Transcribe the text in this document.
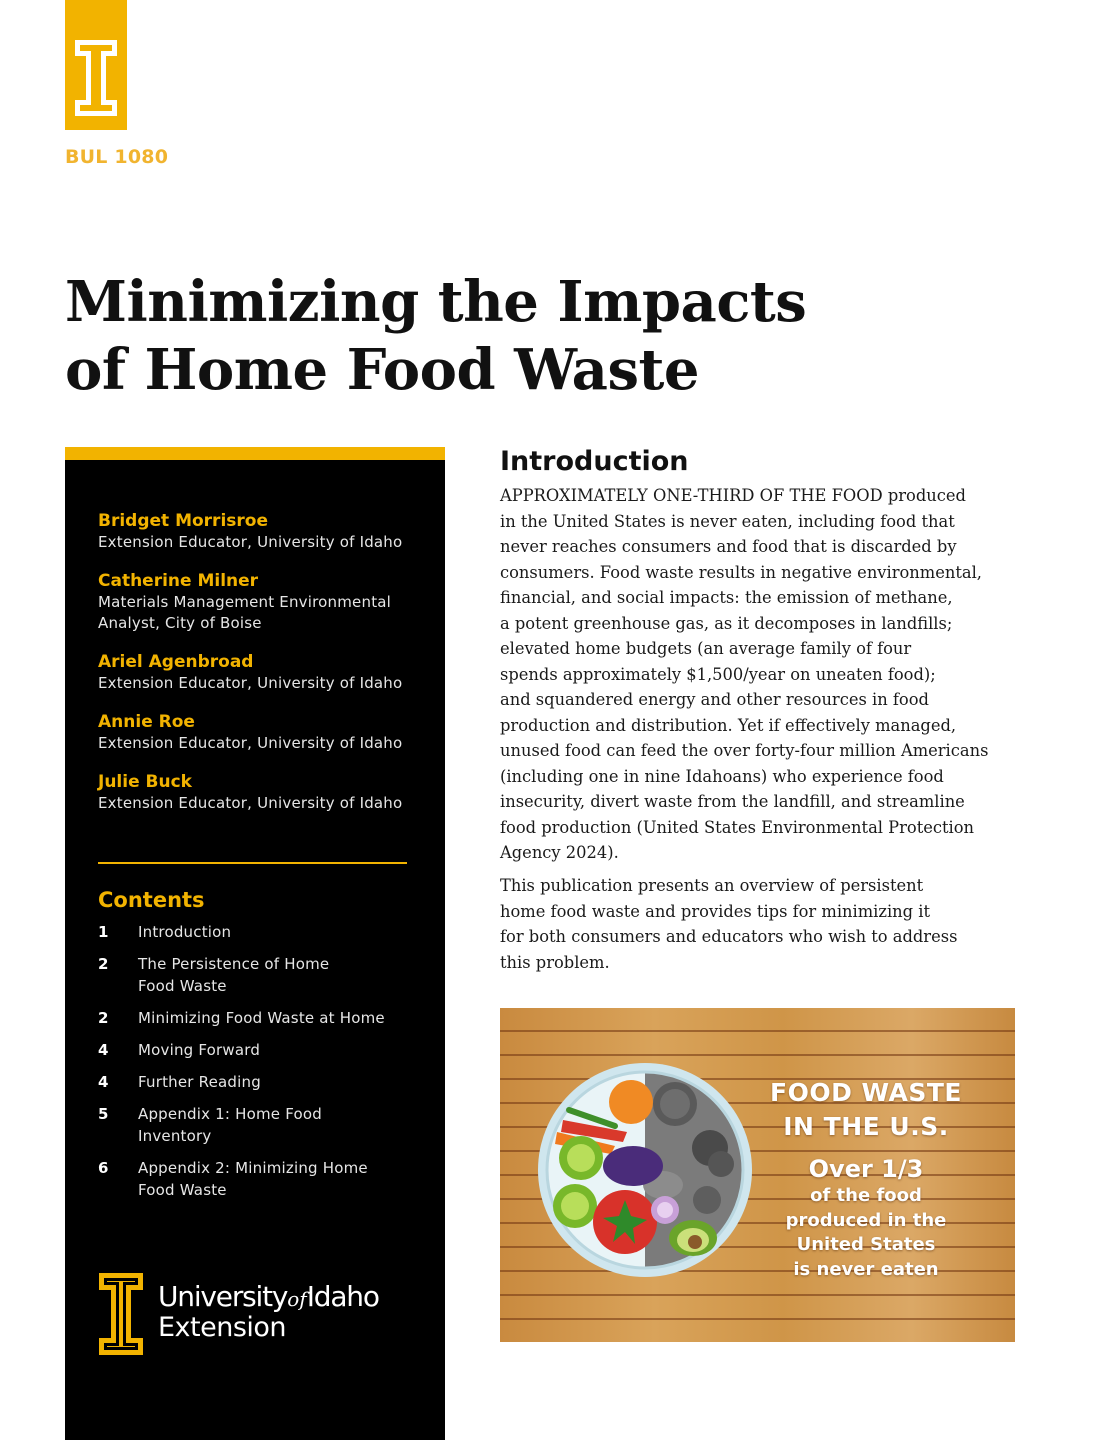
BUL 1080
Minimizing the Impacts
of Home Food Waste
Bridget Morrisroe
Extension Educator, University of Idaho
Catherine Milner
Materials Management Environmental
Analyst, City of Boise
Ariel Agenbroad
Extension Educator, University of Idaho
Annie Roe
Extension Educator, University of Idaho
Julie Buck
Extension Educator, University of Idaho
Contents
1	Introduction
2	The Persistence of Home
Food Waste
2	Minimizing Food Waste at Home
4	Moving Forward
4	Further Reading
5	Appendix 1: Home Food Inventory
6	Appendix 2: Minimizing Home
Food Waste
UniversityofIdaho
Extension
Introduction

APPROXIMATELY ONE-THIRD OF THE FOOD produced
in the United States is never eaten, including food that
never reaches consumers and food that is discarded by
consumers. Food waste results in negative environmental,
financial, and social impacts: the emission of methane,
a potent greenhouse gas, as it decomposes in landfills;
elevated home budgets (an average family of four
spends approximately $1,500/year on uneaten food);
and squandered energy and other resources in food
production and distribution. Yet if effectively managed,
unused food can feed the over forty-four million Americans
(including one in nine Idahoans) who experience food
insecurity, divert waste from the landfill, and streamline
food production (United States Environmental Protection
Agency 2024).

This publication presents an overview of persistent
home food waste and provides tips for minimizing it
for both consumers and educators who wish to address
this problem.

FOOD WASTE
IN THE U.S.
Over 1/3
of the food
produced in the
United States
is never eaten
